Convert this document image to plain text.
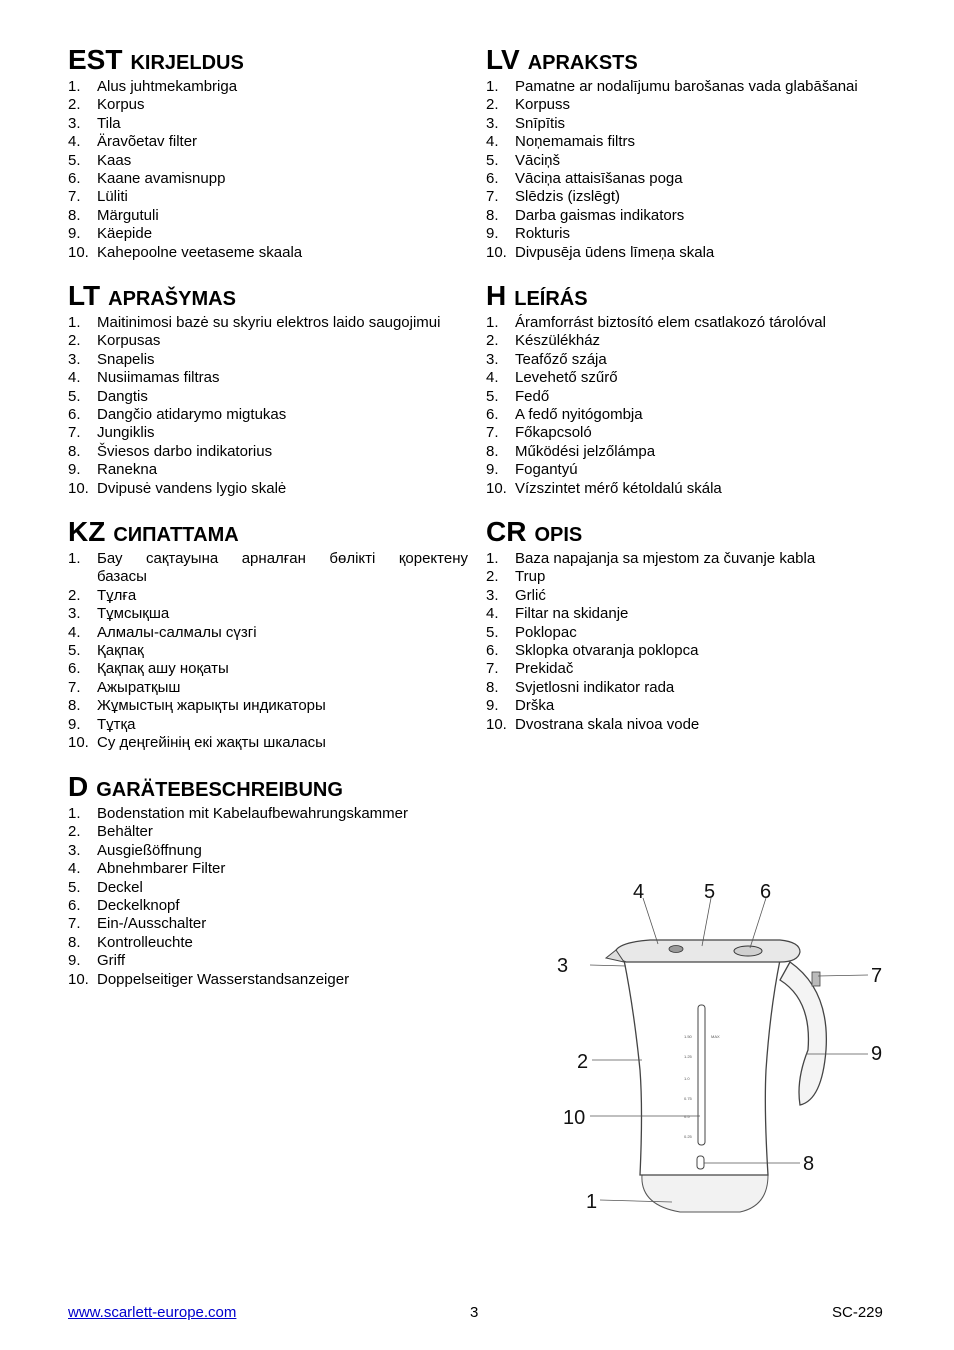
EST KIRJELDUS
1.	Alus juhtmekambriga
2.	Korpus
3.	Tila
4.	Äravõetav filter
5.	Kaas
6.	Kaane avamisnupp
7.	Lüliti
8.	Märgutuli
9.	Käepide
10. Kahepoolne veetaseme skaala
LV APRAKSTS
1.	Pamatne ar nodalījumu barošanas vada glabāšanai
2.	Korpuss
3.	Snīpītis
4.	Noņemamais filtrs
5.	Vāciņš
6.	Vāciņa attaisīšanas poga
7.	Slēdzis (izslēgt)
8.	Darba gaismas indikators
9.	Rokturis
10. Divpusēja ūdens līmeņa skala
LT APRAŠYMAS
1.	Maitinimosi bazė su skyriu elektros laido saugojimui
2.	Korpusas
3.	Snapelis
4.	Nusiimamas filtras
5.	Dangtis
6.	Dangčio atidarymo migtukas
7.	Jungiklis
8.	Šviesos darbo indikatorius
9.	Ranekna
10. Dvipusė vandens lygio skalė
H LEÍRÁS
1.	Áramforrást biztosító elem csatlakozó tárolóval
2.	Készülékház
3.	Teafőző szája
4.	Levehető szűrő
5.	Fedő
6.	A fedő nyitógombja
7.	Főkapcsoló
8.	Működési jelzőlámpa
9.	Fogantyú
10. Vízszintet mérő kétoldalú skála
KZ СИПАТТАМА
1.	Бау сақтауына арналған бөлікті қоректену
базасы
2.	Тұлға
3.	Тұмсықша
4.	Алмалы-салмалы сүзгі
5.	Қақпақ
6.	Қақпақ ашу ноқаты
7.	Ажыратқыш
8.	Жұмыстың жарықты индикаторы
9.	Тұтқа
10. Су деңгейінің екі жақты шкаласы
CR OPIS
1.	Baza napajanja sa mjestom za čuvanje kabla
2.	Trup
3.	Grlić
4.	Filtar na skidanje
5.	Poklopac
6.	Sklopka otvaranja poklopca
7.	Prekidač
8.	Svjetlosni indikator rada
9.	Drška
10. Dvostrana skala nivoa vode
D GARÄTEBESCHREIBUNG
1.	Bodenstation mit Kabelaufbewahrungskammer
2.	Behälter
3.	Ausgießöffnung
4.	Abnehmbarer Filter
5.	Deckel
6.	Deckelknopf
7.	Ein-/Ausschalter
8.	Kontrolleuchte
9.	Griff
10. Doppelseitiger Wasserstandsanzeiger
1.50
1.25
1.0
0.75
0.5
0.25
MAX
1
2
3
4	5 6
7
8
9
10
www.scarlett-europe.com	3	SC-229
